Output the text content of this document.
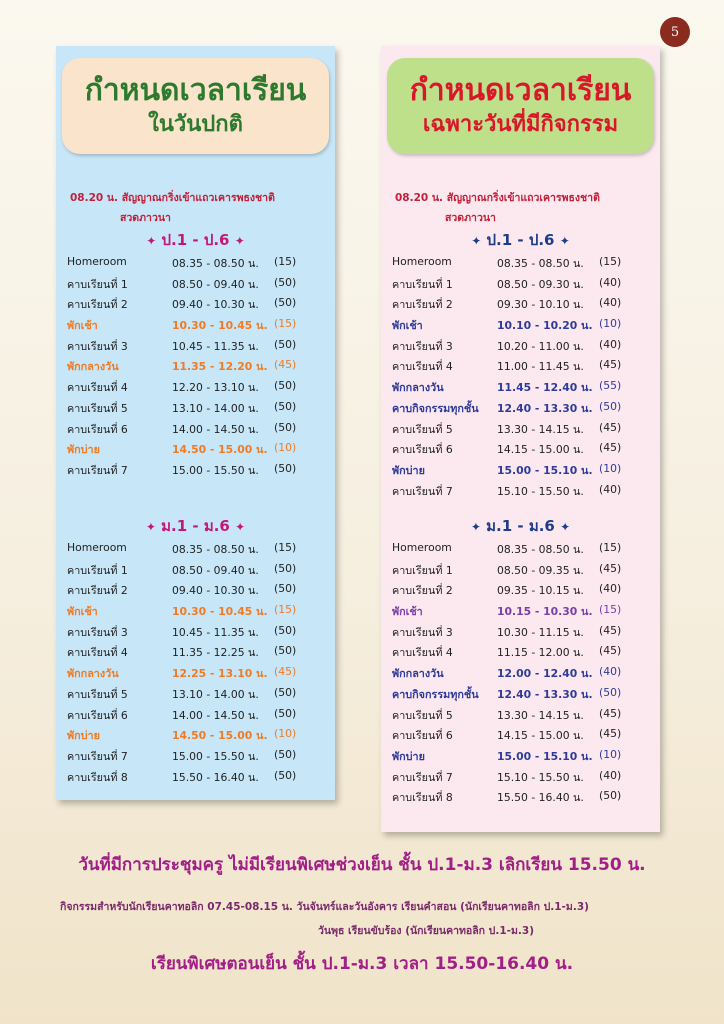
5
กำหนดเวลาเรียน
ในวันปกติ
08.20 น. สัญญาณกริ่งเข้าแถวเคารพธงชาติ
สวดภาวนา
✦ ป.1 - ป.6 ✦
Homeroom	08.35 - 08.50 น. (15)
คาบเรียนที่ 1	08.50 - 09.40 น. (50)
คาบเรียนที่ 2	09.40 - 10.30 น. (50)
พักเช้า	10.30 - 10.45 น. (15)
คาบเรียนที่ 3	10.45 - 11.35 น. (50)
พักกลางวัน	11.35 - 12.20 น. (45)
คาบเรียนที่ 4	12.20 - 13.10 น. (50)
คาบเรียนที่ 5	13.10 - 14.00 น. (50)
คาบเรียนที่ 6	14.00 - 14.50 น. (50)
พักบ่าย	14.50 - 15.00 น. (10)
คาบเรียนที่ 7	15.00 - 15.50 น. (50)
✦ ม.1 - ม.6 ✦
Homeroom	08.35 - 08.50 น. (15)
คาบเรียนที่ 1	08.50 - 09.40 น. (50)
คาบเรียนที่ 2	09.40 - 10.30 น. (50)
พักเช้า	10.30 - 10.45 น. (15)
คาบเรียนที่ 3	10.45 - 11.35 น. (50)
คาบเรียนที่ 4	11.35 - 12.25 น. (50)
พักกลางวัน	12.25 - 13.10 น. (45)
คาบเรียนที่ 5	13.10 - 14.00 น. (50)
คาบเรียนที่ 6	14.00 - 14.50 น. (50)
พักบ่าย	14.50 - 15.00 น. (10)
คาบเรียนที่ 7	15.00 - 15.50 น. (50)
คาบเรียนที่ 8	15.50 - 16.40 น. (50)
กำหนดเวลาเรียน
เฉพาะวันที่มีกิจกรรม
08.20 น. สัญญาณกริ่งเข้าแถวเคารพธงชาติ
สวดภาวนา
✦ ป.1 - ป.6 ✦
Homeroom	08.35 - 08.50 น. (15)
คาบเรียนที่ 1	08.50 - 09.30 น. (40)
คาบเรียนที่ 2	09.30 - 10.10 น. (40)
พักเช้า	10.10 - 10.20 น. (10)
คาบเรียนที่ 3	10.20 - 11.00 น. (40)
คาบเรียนที่ 4	11.00 - 11.45 น. (45)
พักกลางวัน	11.45 - 12.40 น. (55)
คาบกิจกรรมทุกชั้น 12.40 - 13.30 น. (50)
คาบเรียนที่ 5	13.30 - 14.15 น. (45)
คาบเรียนที่ 6	14.15 - 15.00 น. (45)
พักบ่าย	15.00 - 15.10 น. (10)
คาบเรียนที่ 7	15.10 - 15.50 น. (40)
✦ ม.1 - ม.6 ✦
Homeroom	08.35 - 08.50 น. (15)
คาบเรียนที่ 1	08.50 - 09.35 น. (45)
คาบเรียนที่ 2	09.35 - 10.15 น. (40)
พักเช้า	10.15 - 10.30 น. (15)
คาบเรียนที่ 3	10.30 - 11.15 น. (45)
คาบเรียนที่ 4	11.15 - 12.00 น. (45)
พักกลางวัน	12.00 - 12.40 น. (40)
คาบกิจกรรมทุกชั้น 12.40 - 13.30 น. (50)
คาบเรียนที่ 5	13.30 - 14.15 น. (45)
คาบเรียนที่ 6	14.15 - 15.00 น. (45)
พักบ่าย	15.00 - 15.10 น. (10)
คาบเรียนที่ 7	15.10 - 15.50 น. (40)
คาบเรียนที่ 8	15.50 - 16.40 น. (50)
วันที่มีการประชุมครู ไม่มีเรียนพิเศษช่วงเย็น ชั้น ป.1-ม.3 เลิกเรียน 15.50 น.
กิจกรรมสำหรับนักเรียนคาทอลิก 07.45-08.15 น. วันจันทร์และวันอังคาร เรียนคำสอน (นักเรียนคาทอลิก ป.1-ม.3)
วันพุธ เรียนขับร้อง (นักเรียนคาทอลิก ป.1-ม.3)
เรียนพิเศษตอนเย็น ชั้น ป.1-ม.3 เวลา 15.50-16.40 น.
